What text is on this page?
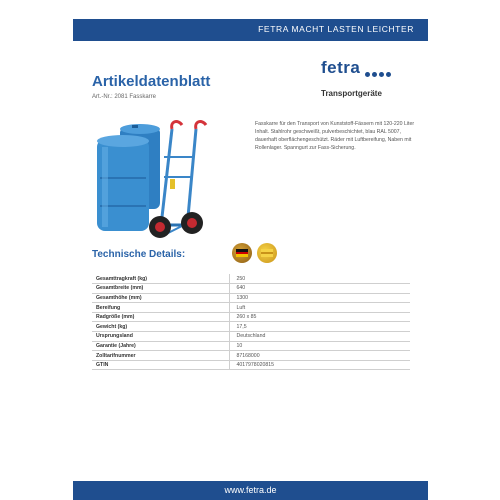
FETRA MACHT LASTEN LEICHTER
Artikeldatenblatt
Art.-Nr.: 2081 Fasskarre
fetra
Transportgeräte
Fasskarre für den Transport von Kunststoff-Fässern mit 120-220 Liter Inhalt. Stahlrohr geschweißt, pulverbeschichtet, blau RAL 5007, dauerhaft oberflächengeschützt. Räder mit Luftbereifung, Naben mit Rollenlager. Spanngurt zur Fass-Sicherung.
Technische Details:
Gesamttragkraft (kg)	250
Gesamtbreite (mm)	640
Gesamthöhe (mm)	1300
Bereifung	Luft
Radgröße (mm)	260 x 85
Gewicht (kg)	17,5
Ursprungsland	Deutschland
Garantie (Jahre)	10
Zolltarifnummer	87168000
GTIN	4017978020815
www.fetra.de
